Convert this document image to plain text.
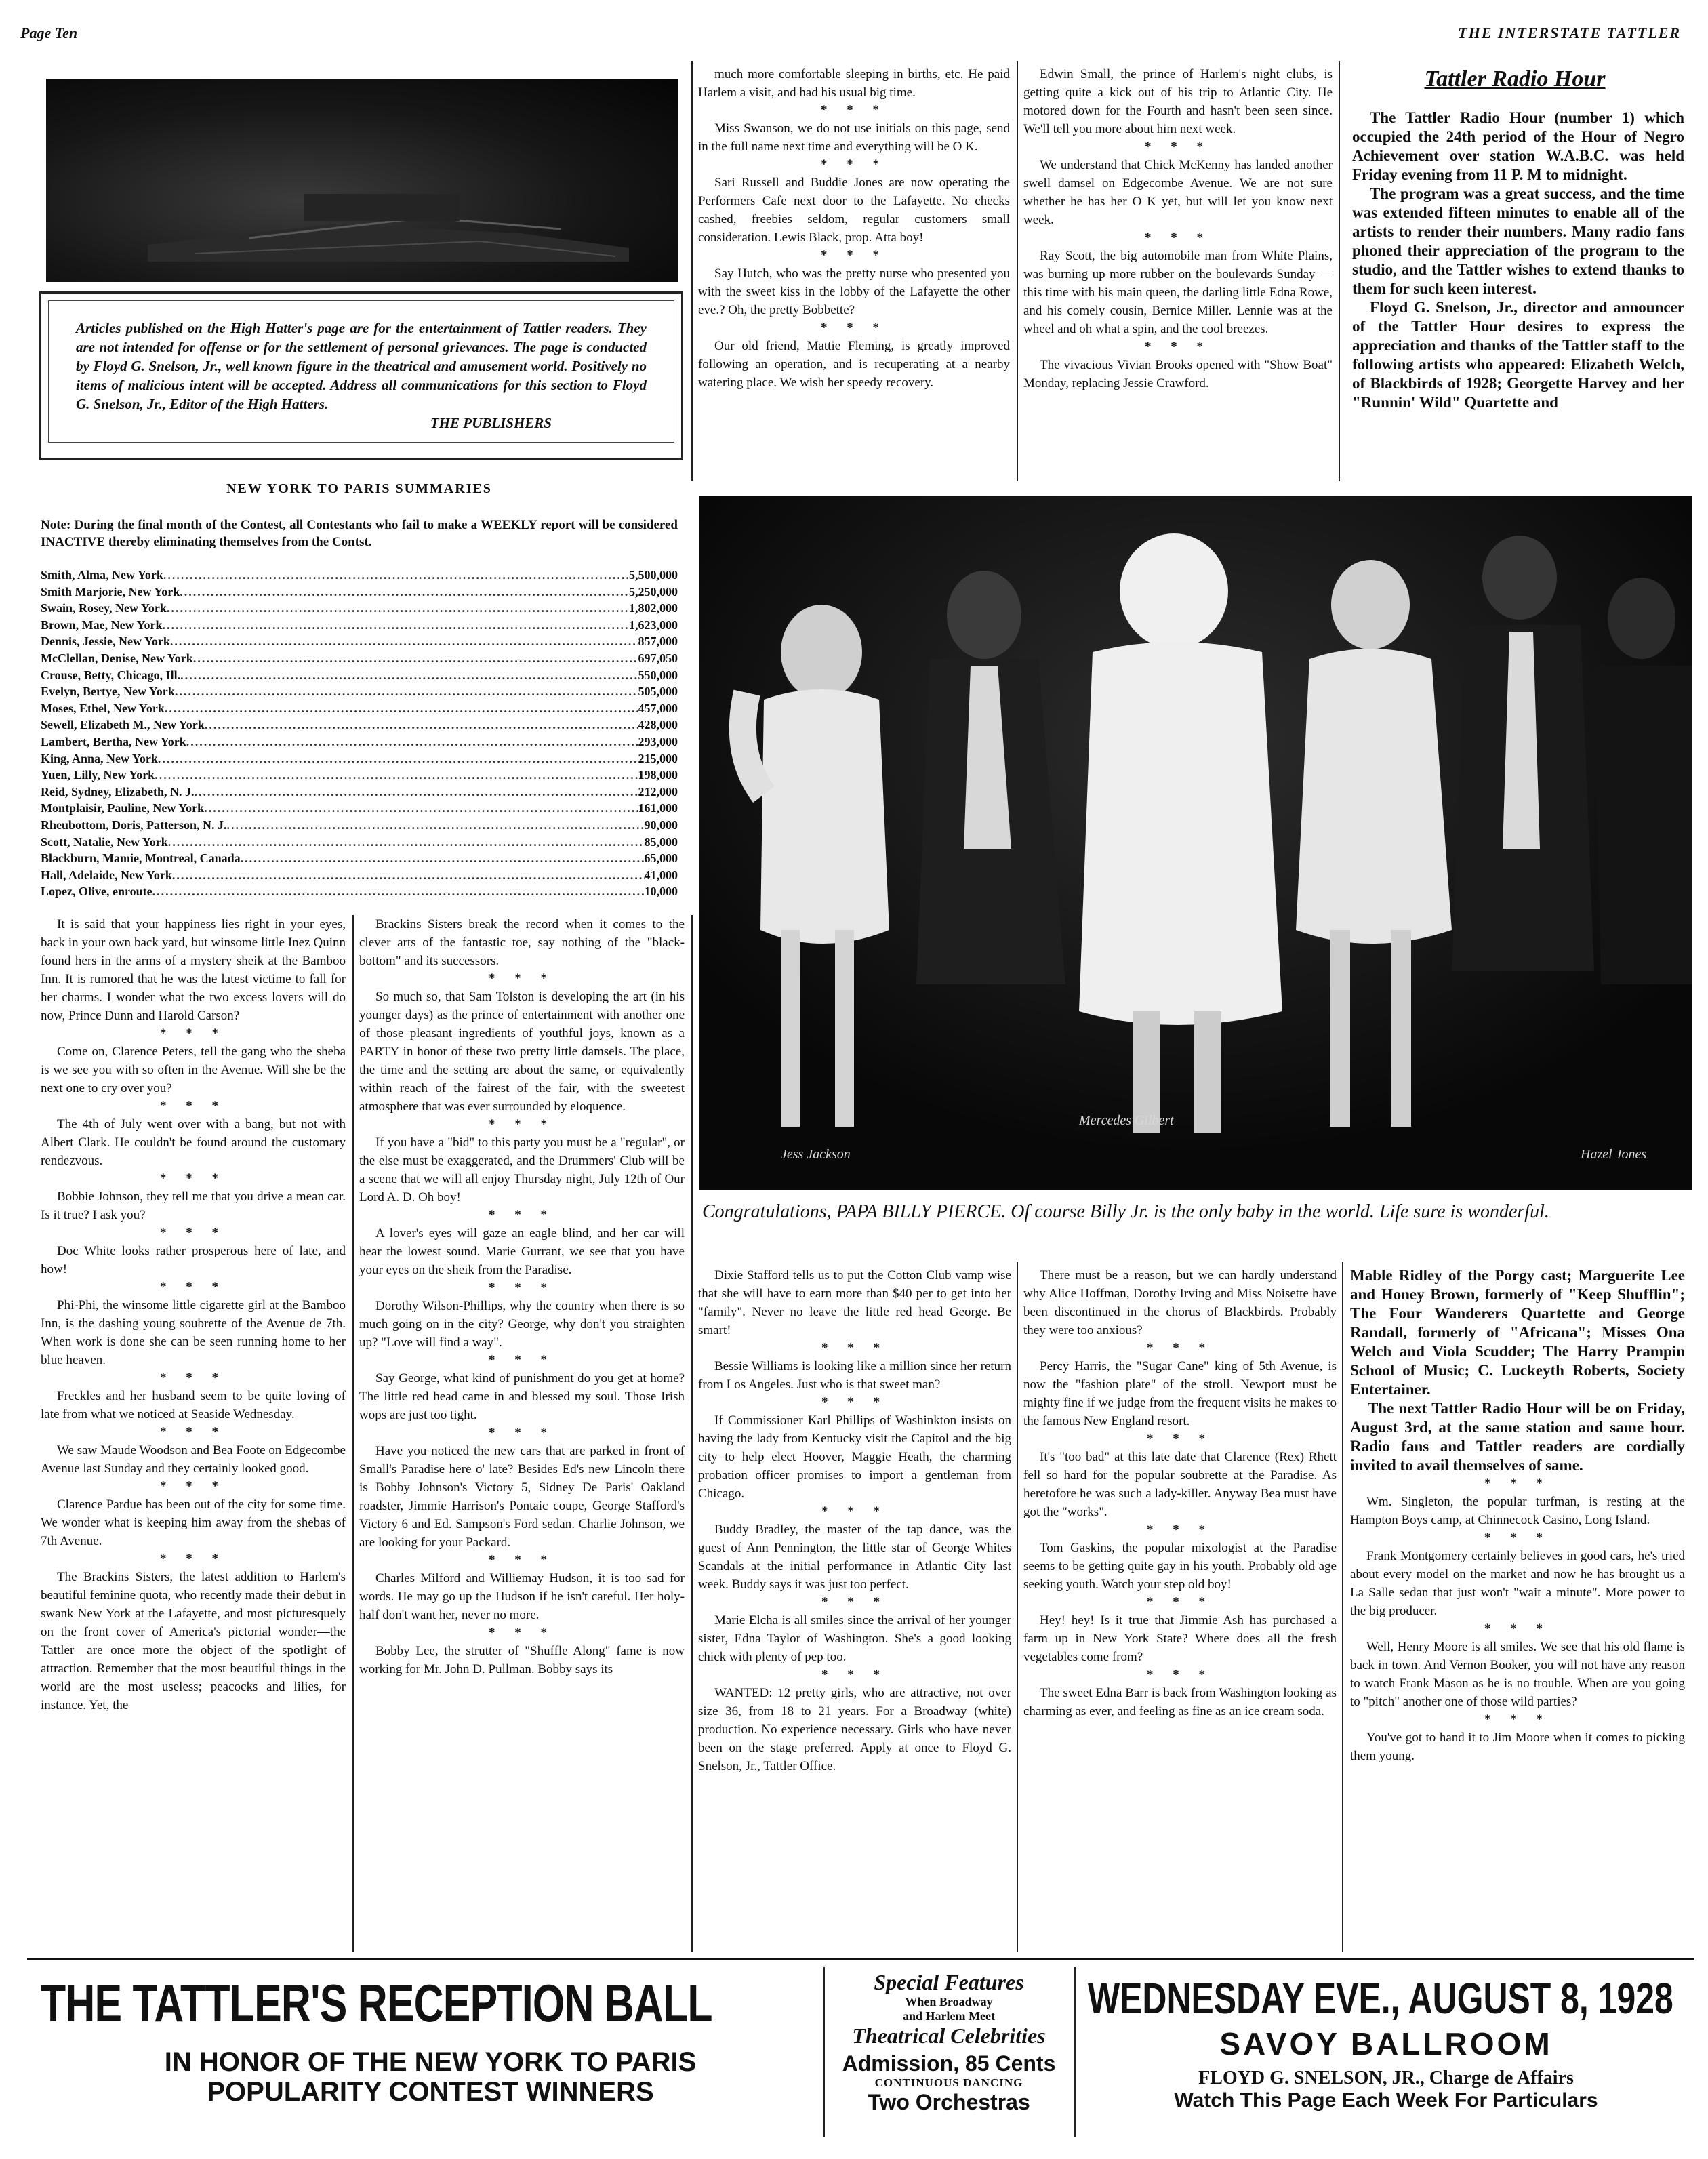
Page Ten	THE INTERSTATE TATTLER
Articles published on the High Hatter's page are for the entertainment of Tattler readers. They are not intended for offense or for the settlement of personal grievances. The page is conducted by Floyd G. Snelson, Jr., well known figure in the theatrical and amusement world. Positively no items of malicious intent will be accepted. Address all communications for this section to Floyd G. Snelson, Jr., Editor of the High Hatters.
THE PUBLISHERS
NEW YORK TO PARIS SUMMARIES
Note: During the final month of the Contest, all Contestants who fail to make a WEEKLY report will be considered INACTIVE thereby eliminating themselves from the Contst.
Smith, Alma, New York .....	5,500,000
Smith Marjorie, New York .....	5,250,000
Swain, Rosey, New York .....	1,802,000
Brown, Mae, New York .....	1,623,000
Dennis, Jessie, New York .....	857,000
McClellan, Denise, New York .....	697,050
Crouse, Betty, Chicago, Ill. .....	550,000
Evelyn, Bertye, New York .....	505,000
Moses, Ethel, New York .....	457,000
Sewell, Elizabeth M., New York .....	428,000
Lambert, Bertha, New York .....	293,000
King, Anna, New York .....	215,000
Yuen, Lilly, New York .....	198,000
Reid, Sydney, Elizabeth, N. J. .....	212,000
Montplaisir, Pauline, New York .....	161,000
Rheubottom, Doris, Patterson, N. J. .....	90,000
Scott, Natalie, New York .....	85,000
Blackburn, Mamie, Montreal, Canada .....	65,000
Hall, Adelaide, New York .....	41,000
Lopez, Olive, enroute .....	10,000

much more comfortable sleeping in births, etc. He paid Harlem a visit, and had his usual big time.

* * *

Miss Swanson, we do not use initials on this page, send in the full name next time and everything will be O K.

* * *

Sari Russell and Buddie Jones are now operating the Performers Cafe next door to the Lafayette. No checks cashed, freebies seldom, regular customers small consideration. Lewis Black, prop. Atta boy!

* * *

Say Hutch, who was the pretty nurse who presented you with the sweet kiss in the lobby of the Lafayette the other eve.? Oh, the pretty Bobbette?

* * *

Our old friend, Mattie Fleming, is greatly improved following an operation, and is recuperating at a nearby watering place. We wish her speedy recovery.

Edwin Small, the prince of Harlem's night clubs, is getting quite a kick out of his trip to Atlantic City. He motored down for the Fourth and hasn't been seen since. We'll tell you more about him next week.

* * *

We understand that Chick McKenny has landed another swell damsel on Edgecombe Avenue. We are not sure whether he has her O K yet, but will let you know next week.

* * *

Ray Scott, the big automobile man from White Plains, was burning up more rubber on the boulevards Sunday —this time with his main queen, the darling little Edna Rowe, and his comely cousin, Bernice Miller. Lennie was at the wheel and oh what a spin, and the cool breezes.

* * *

The vivacious Vivian Brooks opened with "Show Boat" Monday, replacing Jessie Crawford.

Tattler Radio Hour

The Tattler Radio Hour (number 1) which occupied the 24th period of the Hour of Negro Achievement over station W.A.B.C. was held Friday evening from 11 P. M to midnight.

The program was a great success, and the time was extended fifteen minutes to enable all of the artists to render their numbers. Many radio fans phoned their appreciation of the program to the studio, and the Tattler wishes to extend thanks to them for such keen interest.

Floyd G. Snelson, Jr., director and announcer of the Tattler Hour desires to express the appreciation and thanks of the Tattler staff to the following artists who appeared: Elizabeth Welch, of Blackbirds of 1928; Georgette Harvey and her "Runnin' Wild" Quartette and

Jess Jackson
Mercedes Gilbert
Hazel Jones
Congratulations, PAPA BILLY PIERCE. Of course Billy Jr. is the only baby in the world. Life sure is wonderful.

It is said that your happiness lies right in your eyes, back in your own back yard, but winsome little Inez Quinn found hers in the arms of a mystery sheik at the Bamboo Inn. It is rumored that he was the latest victime to fall for her charms. I wonder what the two excess lovers will do now, Prince Dunn and Harold Carson?

* * *

Come on, Clarence Peters, tell the gang who the sheba is we see you with so often in the Avenue. Will she be the next one to cry over you?

* * *

The 4th of July went over with a bang, but not with Albert Clark. He couldn't be found around the customary rendezvous.

* * *

Bobbie Johnson, they tell me that you drive a mean car. Is it true? I ask you?

* * *

Doc White looks rather prosperous here of late, and how!

* * *

Phi-Phi, the winsome little cigarette girl at the Bamboo Inn, is the dashing young soubrette of the Avenue de 7th. When work is done she can be seen running home to her blue heaven.

* * *

Freckles and her husband seem to be quite loving of late from what we noticed at Seaside Wednesday.

* * *

We saw Maude Woodson and Bea Foote on Edgecombe Avenue last Sunday and they certainly looked good.

* * *

Clarence Pardue has been out of the city for some time. We wonder what is keeping him away from the shebas of 7th Avenue.

* * *

The Brackins Sisters, the latest addition to Harlem's beautiful feminine quota, who recently made their debut in swank New York at the Lafayette, and most picturesquely on the front cover of America's pictorial wonder—the Tattler—are once more the object of the spotlight of attraction. Remember that the most beautiful things in the world are the most useless; peacocks and lilies, for instance. Yet, the

Brackins Sisters break the record when it comes to the clever arts of the fantastic toe, say nothing of the "black-bottom" and its successors.

* * *

So much so, that Sam Tolston is developing the art (in his younger days) as the prince of entertainment with another one of those pleasant ingredients of youthful joys, known as a PARTY in honor of these two pretty little damsels. The place, the time and the setting are about the same, or equivalently within reach of the fairest of the fair, with the sweetest atmosphere that was ever surrounded by eloquence.

* * *

If you have a "bid" to this party you must be a "regular", or the else must be exaggerated, and the Drummers' Club will be a scene that we will all enjoy Thursday night, July 12th of Our Lord A. D. Oh boy!

* * *

A lover's eyes will gaze an eagle blind, and her car will hear the lowest sound. Marie Gurrant, we see that you have your eyes on the sheik from the Paradise.

* * *

Dorothy Wilson-Phillips, why the country when there is so much going on in the city? George, why don't you straighten up? "Love will find a way".

* * *

Say George, what kind of punishment do you get at home? The little red head came in and blessed my soul. Those Irish wops are just too tight.

* * *

Have you noticed the new cars that are parked in front of Small's Paradise here o' late? Besides Ed's new Lincoln there is Bobby Johnson's Victory 5, Sidney De Paris' Oakland roadster, Jimmie Harrison's Pontaic coupe, George Stafford's Victory 6 and Ed. Sampson's Ford sedan. Charlie Johnson, we are looking for your Packard.

* * *

Charles Milford and Williemay Hudson, it is too sad for words. He may go up the Hudson if he isn't careful. Her holy-half don't want her, never no more.

* * *

Bobby Lee, the strutter of "Shuffle Along" fame is now working for Mr. John D. Pullman. Bobby says its

Dixie Stafford tells us to put the Cotton Club vamp wise that she will have to earn more than $40 per to get into her "family". Never no leave the little red head George. Be smart!

* * *

Bessie Williams is looking like a million since her return from Los Angeles. Just who is that sweet man?

* * *

If Commissioner Karl Phillips of Washinkton insists on having the lady from Kentucky visit the Capitol and the big city to help elect Hoover, Maggie Heath, the charming probation officer promises to import a gentleman from Chicago.

* * *

Buddy Bradley, the master of the tap dance, was the guest of Ann Pennington, the little star of George Whites Scandals at the initial performance in Atlantic City last week. Buddy says it was just too perfect.

* * *

Marie Elcha is all smiles since the arrival of her younger sister, Edna Taylor of Washington. She's a good looking chick with plenty of pep too.

* * *

WANTED: 12 pretty girls, who are attractive, not over size 36, from 18 to 21 years. For a Broadway (white) production. No experience necessary. Girls who have never been on the stage preferred. Apply at once to Floyd G. Snelson, Jr., Tattler Office.

There must be a reason, but we can hardly understand why Alice Hoffman, Dorothy Irving and Miss Noisette have been discontinued in the chorus of Blackbirds. Probably they were too anxious?

* * *

Percy Harris, the "Sugar Cane" king of 5th Avenue, is now the "fashion plate" of the stroll. Newport must be mighty fine if we judge from the frequent visits he makes to the famous New England resort.

* * *

It's "too bad" at this late date that Clarence (Rex) Rhett fell so hard for the popular soubrette at the Paradise. As heretofore he was such a lady-killer. Anyway Bea must have got the "works".

* * *

Tom Gaskins, the popular mixologist at the Paradise seems to be getting quite gay in his youth. Probably old age seeking youth. Watch your step old boy!

* * *

Hey! hey! Is it true that Jimmie Ash has purchased a farm up in New York State? Where does all the fresh vegetables come from?

* * *

The sweet Edna Barr is back from Washington looking as charming as ever, and feeling as fine as an ice cream soda.

Mable Ridley of the Porgy cast; Marguerite Lee and Honey Brown, formerly of "Keep Shufflin"; The Four Wanderers Quartette and George Randall, formerly of "Africana"; Misses Ona Welch and Viola Scudder; The Harry Prampin School of Music; C. Luckeyth Roberts, Society Entertainer.

The next Tattler Radio Hour will be on Friday, August 3rd, at the same station and same hour. Radio fans and Tattler readers are cordially invited to avail themselves of same.

* * *

Wm. Singleton, the popular turfman, is resting at the Hampton Boys camp, at Chinnecock Casino, Long Island.

* * *

Frank Montgomery certainly believes in good cars, he's tried about every model on the market and now he has brought us a La Salle sedan that just won't "wait a minute". More power to the big producer.

* * *

Well, Henry Moore is all smiles. We see that his old flame is back in town. And Vernon Booker, you will not have any reason to watch Frank Mason as he is no trouble. When are you going to "pitch" another one of those wild parties?

* * *

You've got to hand it to Jim Moore when it comes to picking them young.

THE TATTLER'S RECEPTION BALL
IN HONOR OF THE NEW YORK TO PARIS
POPULARITY CONTEST WINNERS
Special Features
When Broadway
and Harlem Meet
Theatrical Celebrities
Admission, 85 Cents
CONTINUOUS DANCING
Two Orchestras
WEDNESDAY EVE., AUGUST 8, 1928
SAVOY BALLROOM
FLOYD G. SNELSON, JR., Charge de Affairs
Watch This Page Each Week For Particulars
